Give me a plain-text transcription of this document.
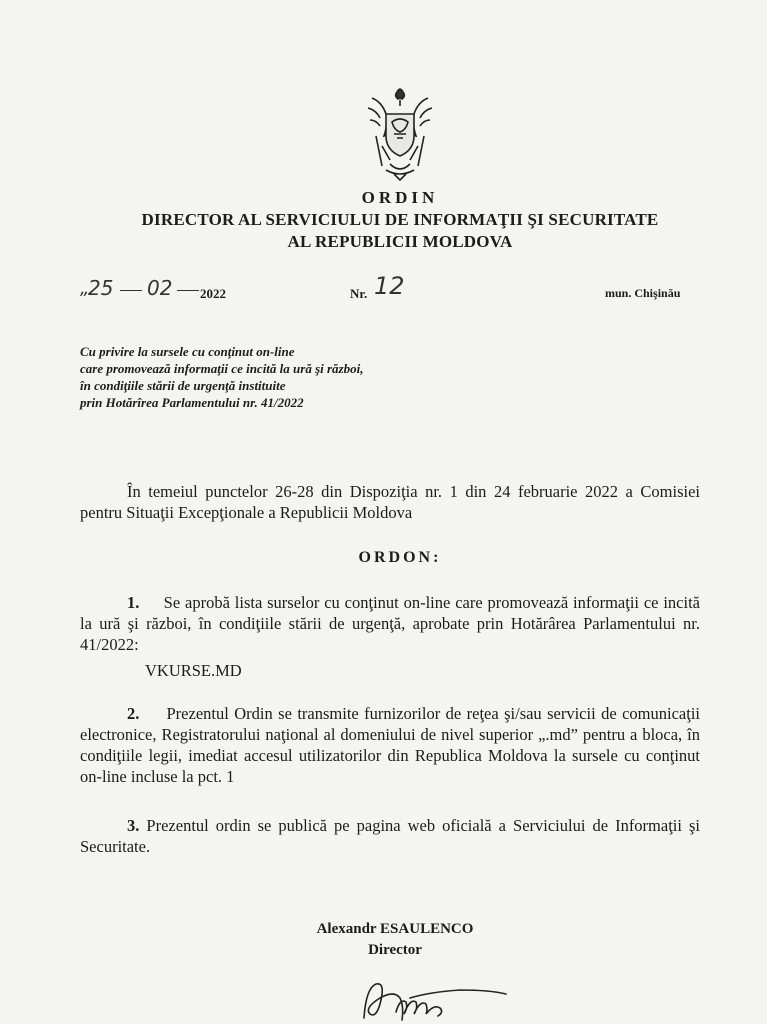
ORDIN
DIRECTOR AL SERVICIULUI DE INFORMAŢII ŞI SECURITATE
AL REPUBLICII MOLDOVA
„
25 02 2022	Nr. 12	mun. Chişinău
Cu privire la sursele cu conţinut on-line
care promovează informaţii ce incită la ură şi război,
în condiţiile stării de urgenţă instituite
prin Hotărîrea Parlamentului nr. 41/2022
În temeiul punctelor 26-28 din Dispoziţia nr. 1 din 24 februarie 2022 a Comisiei pentru Situaţii Excepţionale a Republicii Moldova
ORDON:
1. Se aprobă lista surselor cu conţinut on-line care promovează informaţii ce incită la ură şi război, în condiţiile stării de urgenţă, aprobate prin Hotărârea Parlamentului nr. 41/2022:
VKURSE.MD
2. Prezentul Ordin se transmite furnizorilor de reţea şi/sau servicii de comunicaţii electronice, Registratorului naţional al domeniului de nivel superior „.md” pentru a bloca, în condiţiile legii, imediat accesul utilizatorilor din Republica Moldova la sursele cu conţinut on-line incluse la pct. 1
3. Prezentul ordin se publică pe pagina web oficială a Serviciului de Informaţii şi Securitate.
Alexandr ESAULENCO
Director
